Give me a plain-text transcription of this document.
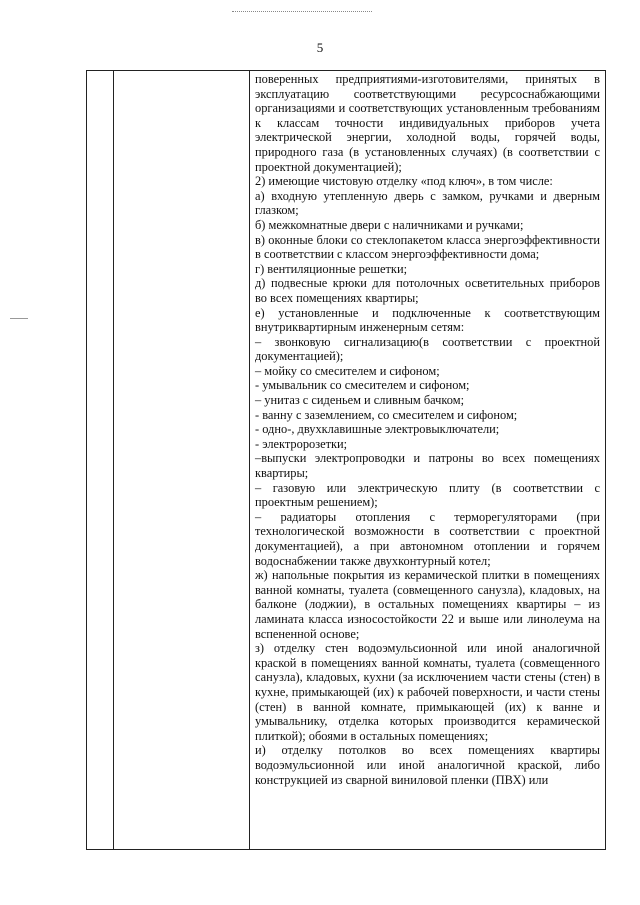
5

поверенных предприятиями-изготовителями, принятых в эксплуатацию соответствующими ресурсоснабжающими организациями и соответствующих установленным требованиям к классам точности индивидуальных приборов учета электрической энергии, холодной воды, горячей воды, природного газа (в установленных случаях) (в соответствии с проектной документацией);

2) имеющие чистовую отделку «под ключ», в том числе:

а) входную утепленную дверь с замком, ручками и дверным глазком;

б) межкомнатные двери с наличниками и ручками;

в) оконные блоки со стеклопакетом класса энергоэффективности в соответствии с классом энергоэффективности дома;

г) вентиляционные решетки;

д) подвесные крюки для потолочных осветительных приборов во всех помещениях квартиры;

е) установленные и подключенные к соответствующим внутриквартирным инженерным сетям:

– звонковую сигнализацию(в соответствии с проектной документацией);

– мойку со смесителем и сифоном;

- умывальник со смесителем и сифоном;

– унитаз с сиденьем и сливным бачком;

- ванну с заземлением, со смесителем и сифоном;

- одно-, двухклавишные электровыключатели;

- электророзетки;

–выпуски электропроводки и патроны во всех помещениях квартиры;

– газовую или электрическую плиту (в соответствии с проектным решением);

– радиаторы отопления с терморегуляторами (при технологической возможности в соответствии с проектной документацией), а при автономном отоплении и горячем водоснабжении также двухконтурный котел;

ж) напольные покрытия из керамической плитки в помещениях ванной комнаты, туалета (совмещенного санузла), кладовых, на балконе (лоджии), в остальных помещениях квартиры – из ламината класса износостойкости 22 и выше или линолеума на вспененной основе;

з) отделку стен водоэмульсионной или иной аналогичной краской в помещениях ванной комнаты, туалета (совмещенного санузла), кладовых, кухни (за исключением части стены (стен) в кухне, примыкающей (их) к рабочей поверхности, и части стены (стен) в ванной комнате, примыкающей (их) к ванне и умывальнику, отделка которых производится керамической плиткой); обоями в остальных помещениях;

и) отделку потолков во всех помещениях квартиры водоэмульсионной или иной аналогичной краской, либо конструкцией из сварной виниловой пленки (ПВХ) или
